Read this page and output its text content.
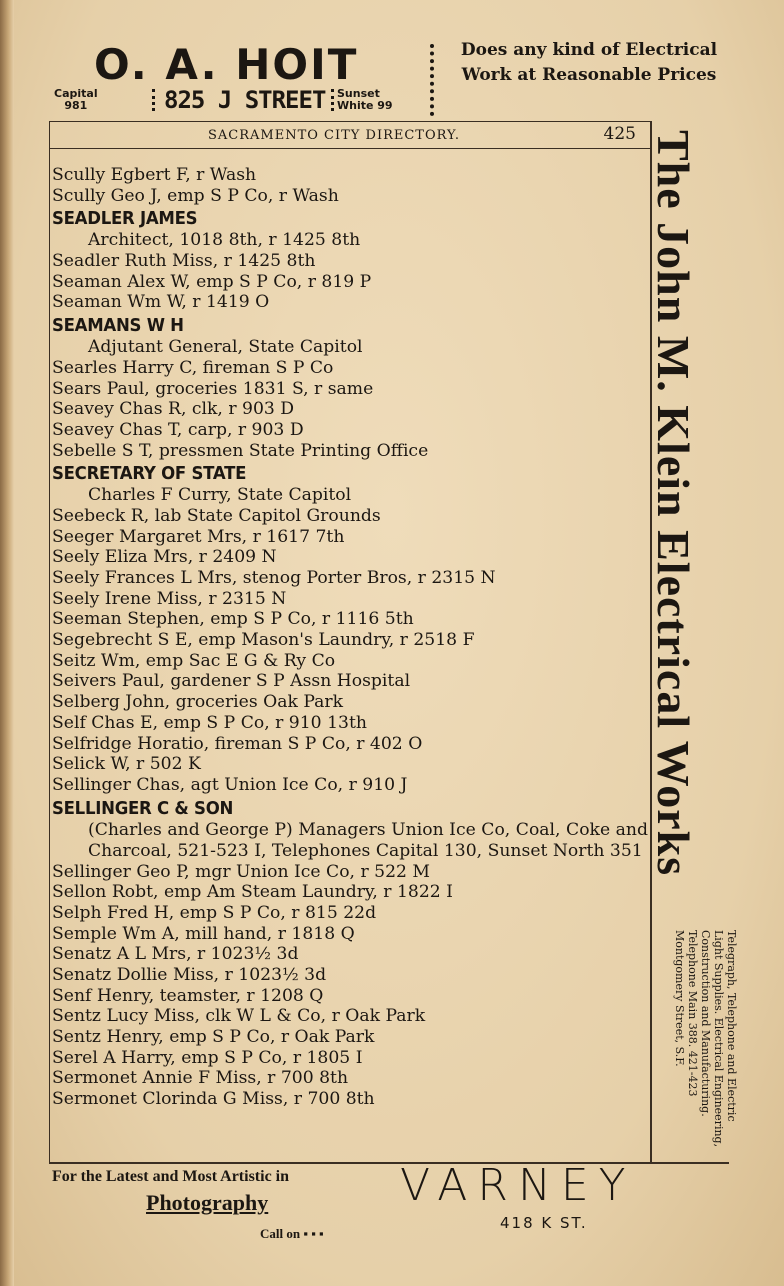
O. A. HOIT
Capital
981	825 J STREET	Sunset
White 99
Does any kind of Electrical Work at Reasonable Prices
SACRAMENTO CITY DIRECTORY.	425
Scully Egbert F, r Wash
Scully Geo J, emp S P Co, r Wash
SEADLER JAMES
Architect, 1018 8th, r 1425 8th
Seadler Ruth Miss, r 1425 8th
Seaman Alex W, emp S P Co, r 819 P
Seaman Wm W, r 1419 O
SEAMANS W H
Adjutant General, State Capitol
Searles Harry C, fireman S P Co
Sears Paul, groceries 1831 S, r same
Seavey Chas R, clk, r 903 D
Seavey Chas T, carp, r 903 D
Sebelle S T, pressmen State Printing Office
SECRETARY OF STATE
Charles F Curry, State Capitol
Seebeck R, lab State Capitol Grounds
Seeger Margaret Mrs, r 1617 7th
Seely Eliza Mrs, r 2409 N
Seely Frances L Mrs, stenog Porter Bros, r 2315 N
Seely Irene Miss, r 2315 N
Seeman Stephen, emp S P Co, r 1116 5th
Segebrecht S E, emp Mason's Laundry, r 2518 F
Seitz Wm, emp Sac E G & Ry Co
Seivers Paul, gardener S P Assn Hospital
Selberg John, groceries Oak Park
Self Chas E, emp S P Co, r 910 13th
Selfridge Horatio, fireman S P Co, r 402 O
Selick W, r 502 K
Sellinger Chas, agt Union Ice Co, r 910 J
SELLINGER C & SON
(Charles and George P) Managers Union Ice Co, Coal, Coke and Charcoal, 521-523 I, Telephones Capital 130, Sunset North 351
Sellinger Geo P, mgr Union Ice Co, r 522 M
Sellon Robt, emp Am Steam Laundry, r 1822 I
Selph Fred H, emp S P Co, r 815 22d
Semple Wm A, mill hand, r 1818 Q
Senatz A L Mrs, r 1023½ 3d
Senatz Dollie Miss, r 1023½ 3d
Senf Henry, teamster, r 1208 Q
Sentz Lucy Miss, clk W L & Co, r Oak Park
Sentz Henry, emp S P Co, r Oak Park
Serel A Harry, emp S P Co, r 1805 I
Sermonet Annie F Miss, r 700 8th
Sermonet Clorinda G Miss, r 700 8th
The John M. Klein Electrical Works
Telegraph, Telephone and Electric Light Supplies. Electrical Engineering, Construction and Manufacturing. Telephone Main 388. 421-423 Montgomery Street, S.F.
For the Latest and Most Artistic in
Photography
Call on ▪ ▪ ▪
VARNEY
418 K ST.
